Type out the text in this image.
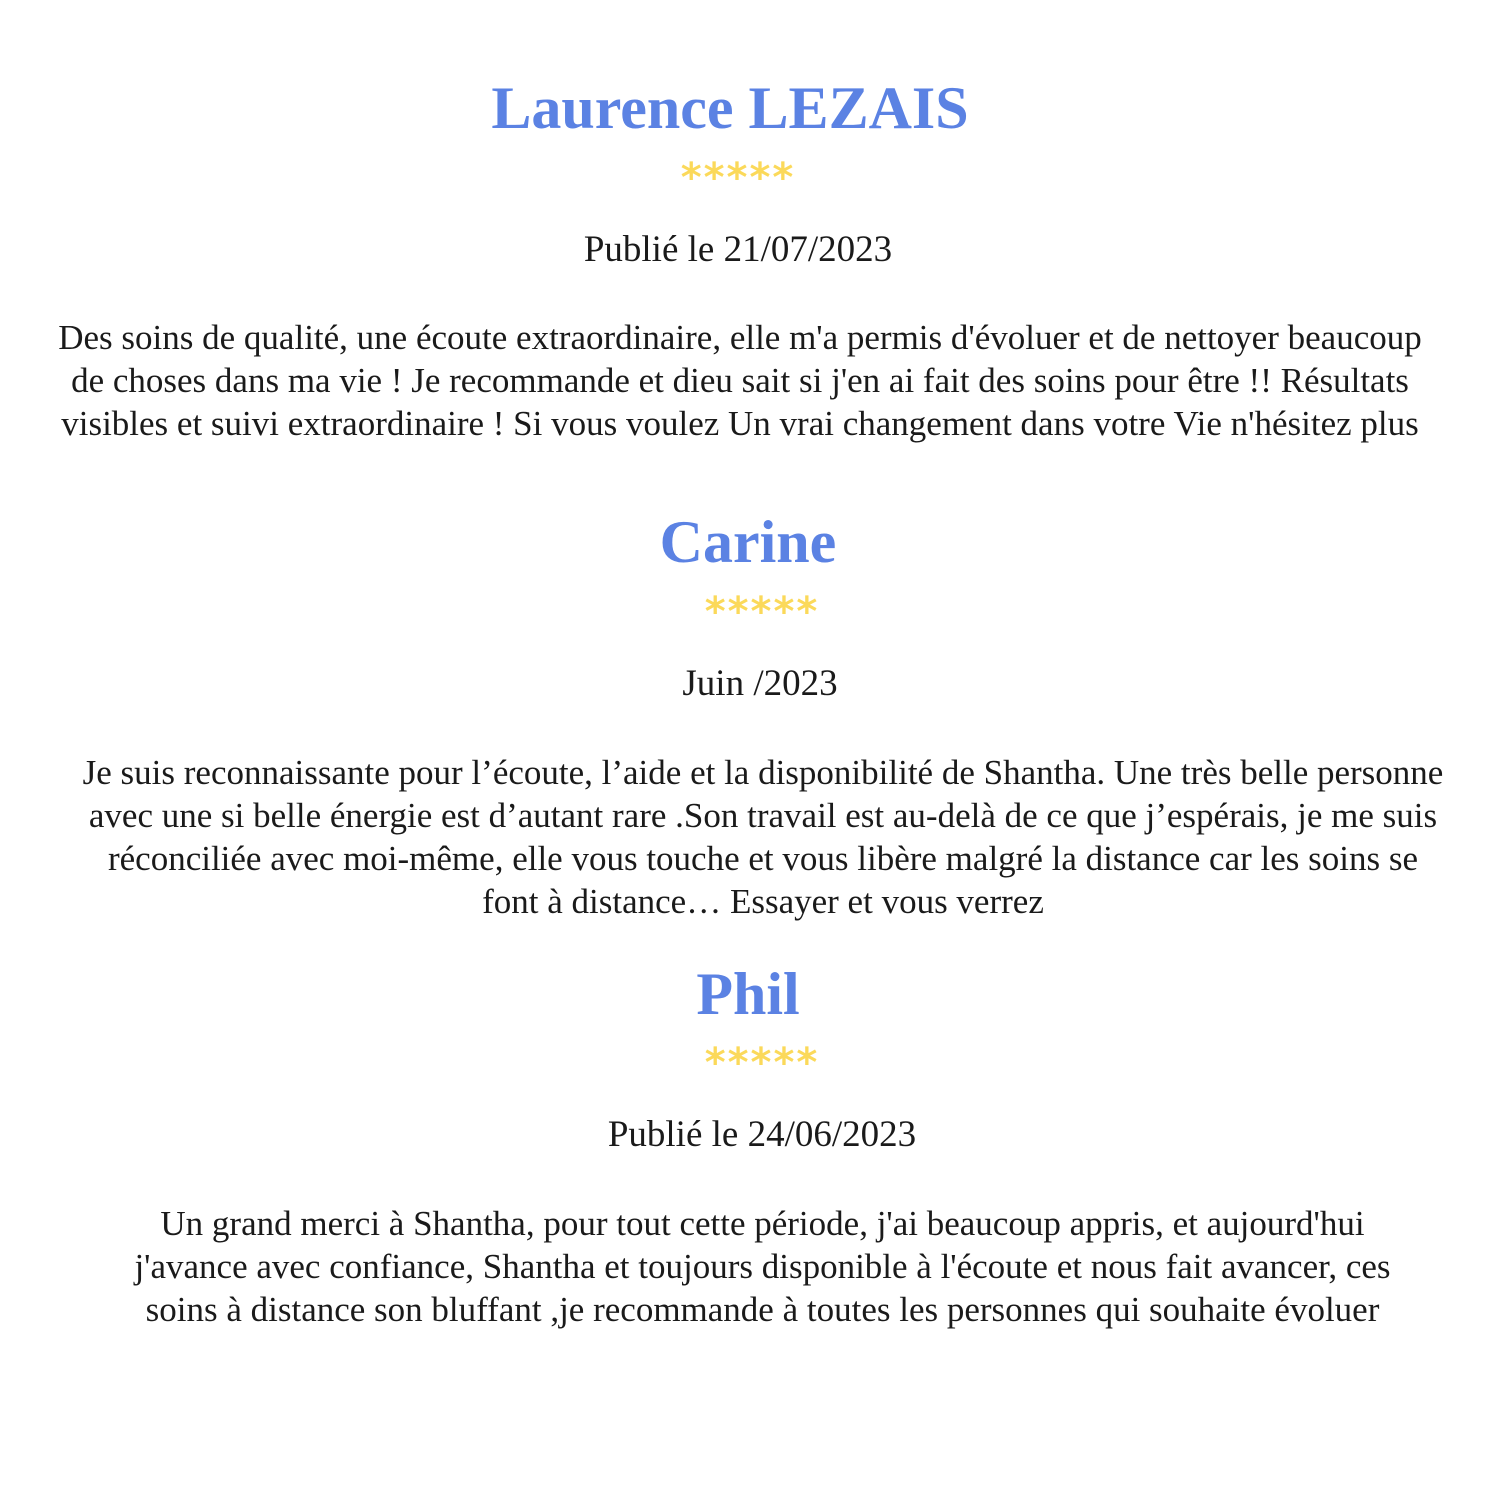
Laurence LEZAIS
*****
Publié le 21/07/2023
Des soins de qualité, une écoute extraordinaire, elle m'a permis d'évoluer et de nettoyer beaucoup de choses dans ma vie ! Je recommande et dieu sait si j'en ai fait des soins pour être !! Résultats visibles et suivi extraordinaire ! Si vous voulez Un vrai changement dans votre Vie n'hésitez plus
Carine
*****
Juin /2023
Je suis reconnaissante pour l’écoute, l’aide et la disponibilité de Shantha. Une très belle personne avec une si belle énergie est d’autant rare .Son travail est au-delà de ce que j’espérais, je me suis réconciliée avec moi-même, elle vous touche et vous libère malgré la distance car les soins se font à distance… Essayer et vous verrez
Phil
*****
Publié le 24/06/2023
Un grand merci à Shantha, pour tout cette période, j'ai beaucoup appris, et aujourd'hui j'avance avec confiance, Shantha et toujours disponible à l'écoute et nous fait avancer, ces soins à distance son bluffant ,je recommande à toutes les personnes qui souhaite évoluer
